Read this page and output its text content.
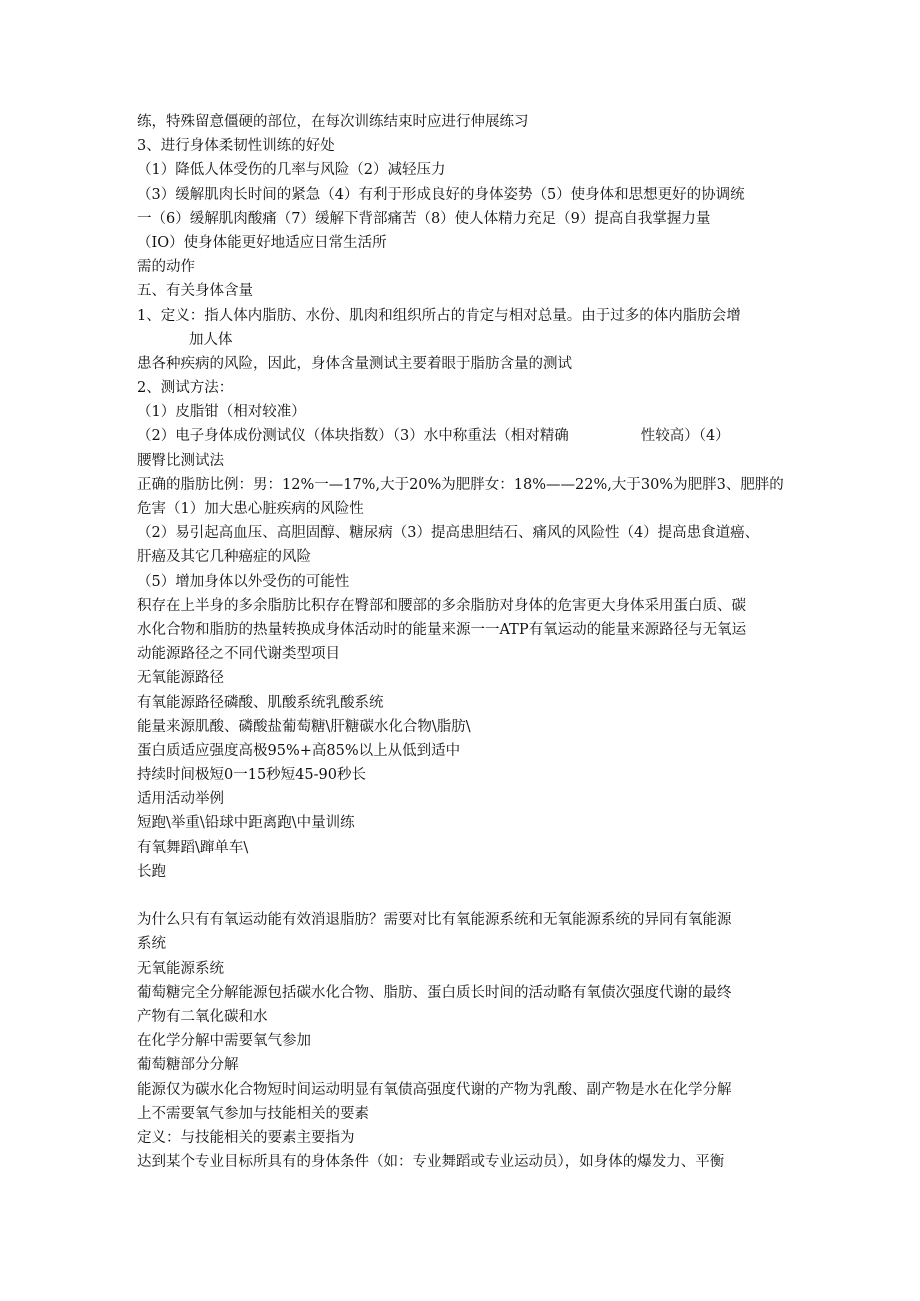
练，特殊留意僵硬的部位，在每次训练结束时应进行伸展练习
3、进行身体柔韧性训练的好处
（1）降低人体受伤的几率与风险（2）减轻压力
（3）缓解肌肉长时间的紧急（4）有利于形成良好的身体姿势（5）使身体和思想更好的协调统
一（6）缓解肌肉酸痛（7）缓解下背部痛苦（8）使人体精力充足（9）提高自我掌握力量
（IO）使身体能更好地适应日常生活所
需的动作
五、有关身体含量
1、定义：指人体内脂肪、水份、肌肉和组织所占的肯定与相对总量。由于过多的体内脂肪会增
加人体
患各种疾病的风险，因此，身体含量测试主要着眼于脂肪含量的测试
2、测试方法：
（1）皮脂钳（相对较准）
（2）电子身体成份测试仪（体块指数）（3）水中称重法（相对精确	性较高）（4）
腰臀比测试法
正确的脂肪比例：男：12%一—17%,大于20%为肥胖女：18%——22%,大于30%为肥胖3、肥胖的
危害（1）加大患心脏疾病的风险性
（2）易引起高血压、高胆固醇、糖尿病（3）提高患胆结石、痛风的风险性（4）提高患食道癌、
肝癌及其它几种癌症的风险
（5）增加身体以外受伤的可能性
积存在上半身的多余脂肪比积存在臀部和腰部的多余脂肪对身体的危害更大身体采用蛋白质、碳
水化合物和脂肪的热量转换成身体活动时的能量来源一一ATP有氧运动的能量来源路径与无氧运
动能源路径之不同代谢类型项目
无氧能源路径
有氧能源路径磷酸、肌酸系统乳酸系统
能量来源肌酸、磷酸盐葡萄糖\肝糖碳水化合物\脂肪\
蛋白质适应强度高极95%+高85%以上从低到适中
持续时间极短0一15秒短45-90秒长
适用活动举例
短跑\举重\铅球中距离跑\中量训练
有氧舞蹈\蹿单车\
长跑
为什么只有有氧运动能有效消退脂肪？需要对比有氧能源系统和无氧能源系统的异同有氧能源
系统
无氧能源系统
葡萄糖完全分解能源包括碳水化合物、脂肪、蛋白质长时间的活动略有氧债次强度代谢的最终
产物有二氧化碳和水
在化学分解中需要氧气参加
葡萄糖部分分解
能源仅为碳水化合物短时间运动明显有氧债高强度代谢的产物为乳酸、副产物是水在化学分解
上不需要氧气参加与技能相关的要素
定义：与技能相关的要素主要指为
达到某个专业目标所具有的身体条件（如：专业舞蹈或专业运动员），如身体的爆发力、平衡
